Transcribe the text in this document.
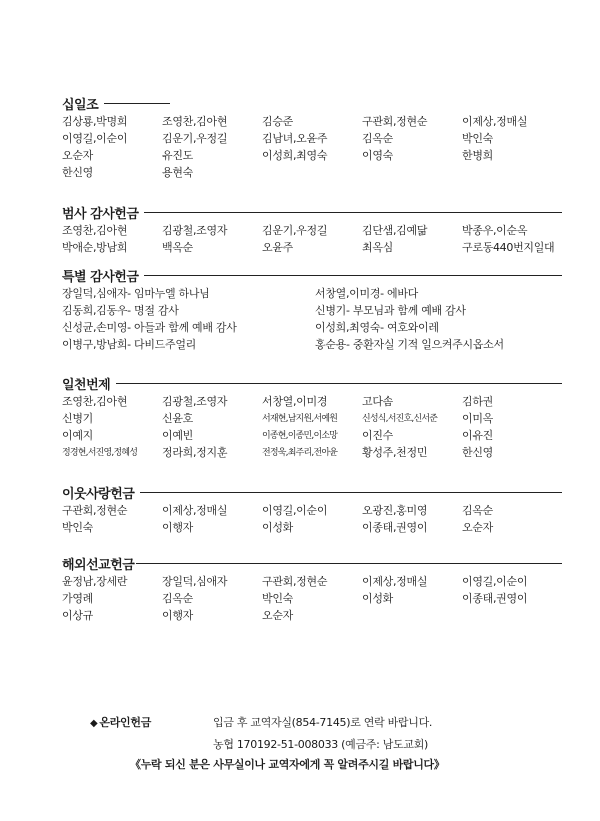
십일조
김상룡,박명희	조영찬,김아현	김승준	구관회,정현순	이제상,정매실
이영길,이순이	김운기,우정길	김남녀,오윤주	김옥순	박인숙
오순자	유진도	이성희,최영숙	이영숙	한병희
한신영	용현숙
범사 감사헌금
조영찬,김아현	김광철,조영자	김운기,우정길	김단샘,김예닮	박종우,이순옥
박애순,방남희	백옥순	오윤주	최옥심	구로동440번지일대
특별 감사헌금
장일덕,심애자- 임마누엘 하나님	서창열,이미경- 에바다
김동희,김동우- 명절 감사	신병기- 부모님과 함께 예배 감사
신성균,손미영- 아들과 함께 예배 감사	이성희,최영숙- 여호와이레
이병구,방남희- 다비드주얼리	홍순용- 중환자실 기적 일으켜주시옵소서
일천번제
조영찬,김아현	김광철,조영자	서창열,이미경	고다솜	김하권
신병기	신윤호	서재현,남지원,서예원	신성식,서진호,신서준	이미옥
이예지	이예빈	이종현,이종민,이소망	이진수	이유진
정경현,서진영,정혜성	정라희,정지훈	전정욱,최주리,전아윤	황성주,천정민	한신영
이웃사랑헌금
구관회,정현순	이제상,정매실	이영길,이순이	오광진,홍미영	김옥순
박인숙	이행자	이성화	이종태,권영이	오순자
해외선교헌금
윤정남,장세란	장일덕,심애자	구관회,정현순	이제상,정매실	이영길,이순이
가영례	김옥순	박인숙	이성화	이종태,권영이
이상규	이행자	오순자
◆ 온라인헌금	입금 후 교역자실(854-7145)로 연락 바랍니다.
농협 170192-51-008033 (예금주: 남도교회)
《누락 되신 분은 사무실이나 교역자에게 꼭 알려주시길 바랍니다》
